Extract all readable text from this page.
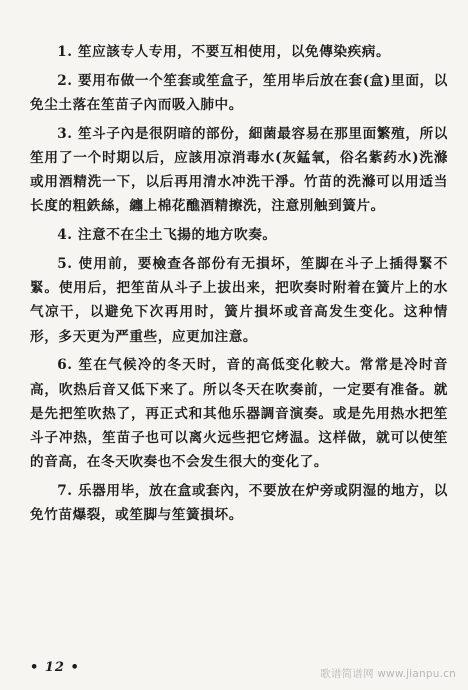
1. 笙应該专人专用，不要互相使用，以免傳染疾病。

2. 要用布做一个笙套或笙盒子，笙用毕后放在套(盒)里面，以免尘土落在笙苗子內而吸入肺中。

3. 笙斗子內是很阴暗的部份，細菌最容易在那里面繁殖，所以笙用了一个时期以后，应該用凉消毒水(灰錳氧，俗名紫药水)洗滌或用酒精洗一下，以后再用清水冲洗干淨。竹苗的洗滌可以用适当长度的粗鉄絲，纏上棉花醮酒精擦洗，注意別触到簧片。

4. 注意不在尘土飞揚的地方吹奏。

5. 使用前，要檢查各部份有无損坏，笙脚在斗子上插得緊不緊。使用后，把笙苗从斗子上拔出来，把吹奏时附着在簧片上的水气凉干，以避免下次再用时，簧片損坏或音高发生变化。这种情形，多天更为严重些，应更加注意。

6. 笙在气候冷的冬天时，音的高低变化較大。常常是冷时音高，吹热后音又低下来了。所以冬天在吹奏前，一定要有准备。就是先把笙吹热了，再正式和其他乐器調音演奏。或是先用热水把笙斗子冲热，笙苗子也可以离火远些把它烤温。这样做，就可以使笙的音高，在冬天吹奏也不会发生很大的变化了。

7. 乐器用毕，放在盒或套內，不要放在炉旁或阴湿的地方，以免竹苗爆裂，或笙脚与笙簧損坏。

• 12 •	歌谱简谱网 www.jianpu.cn
